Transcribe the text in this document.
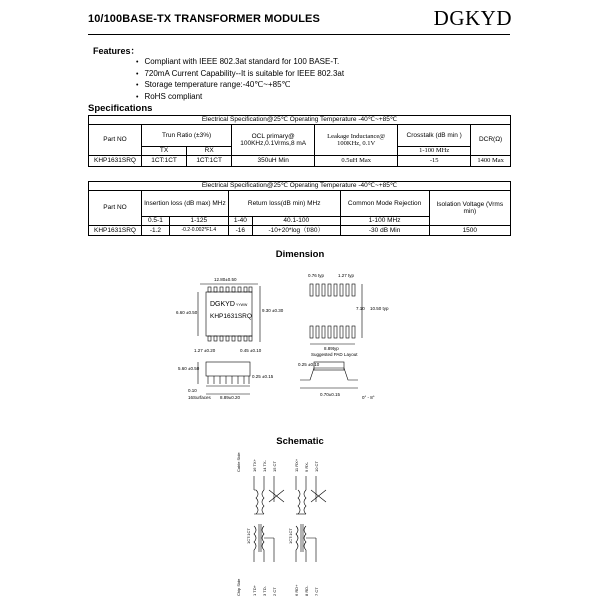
10/100BASE-TX TRANSFORMER MODULES	DGKYD
Features：
• Compliant with IEEE 802.3at standard for 100 BASE-T.
• 720mA Current Capability--It is suitable for IEEE 802.3at
• Storage temperature range:-40℃~+85℃
• RoHS compliant
Specifications
Electrical Specification@25℃ Operating Temperature -40℃~+85℃						
Part NO	Trun Ratio (±3%)		OCL primary@ 100KHz,0.1Vrms,8 mA	Leakage Inductance@ 100KHz, 0.1V	Crosstalk (dB min )	DCR(Ω)
	TX	RX			1-100 MHz	
KHP1631SRQ	1CT:1CT	1CT:1CT	350uH Min	0.5uH Max	-15	1400 Max
Electrical Specification@25℃ Operating Temperature -40℃~+85℃						
Part NO	Insertion loss (dB max) MHz		Return loss(dB min) MHz		Common Mode Rejection	Isolation Voltage (Vrms min)
	0.5-1	1-125	1-40	40.1-100	1-100 MHz	
KHP1631SRQ	-1.2	-0.2-0.002*F1.4	-16	-10+20*log（f/80）	-30 dB Min	1500
Dimension
12.80±0.50
DGKYD YYWW
KHP1631SRQ
6.60 ±0.50	9.30 ±0.30
1.27 ±0.20	0.45 ±0.10
0.76 typ	1.27 typ
7.10 10.50 typ
8.89typ
Suggested PAD Layout
5.60 ±0.50
0.25 ±0.15
0.10
16Surfaces 8.89±0.20
0.25 ±0.10
0.70±0.15
0° - 8°
Schematic
Cable Side	16 TX+ 14 TX- 15 CT	11 RX+ 9 RX- 10 CT
Chip Side	1 TD+ 3 TD- 2 CT	6 RD+ 8 RD- 7 CT
1CT:1CT	1CT:1CT
